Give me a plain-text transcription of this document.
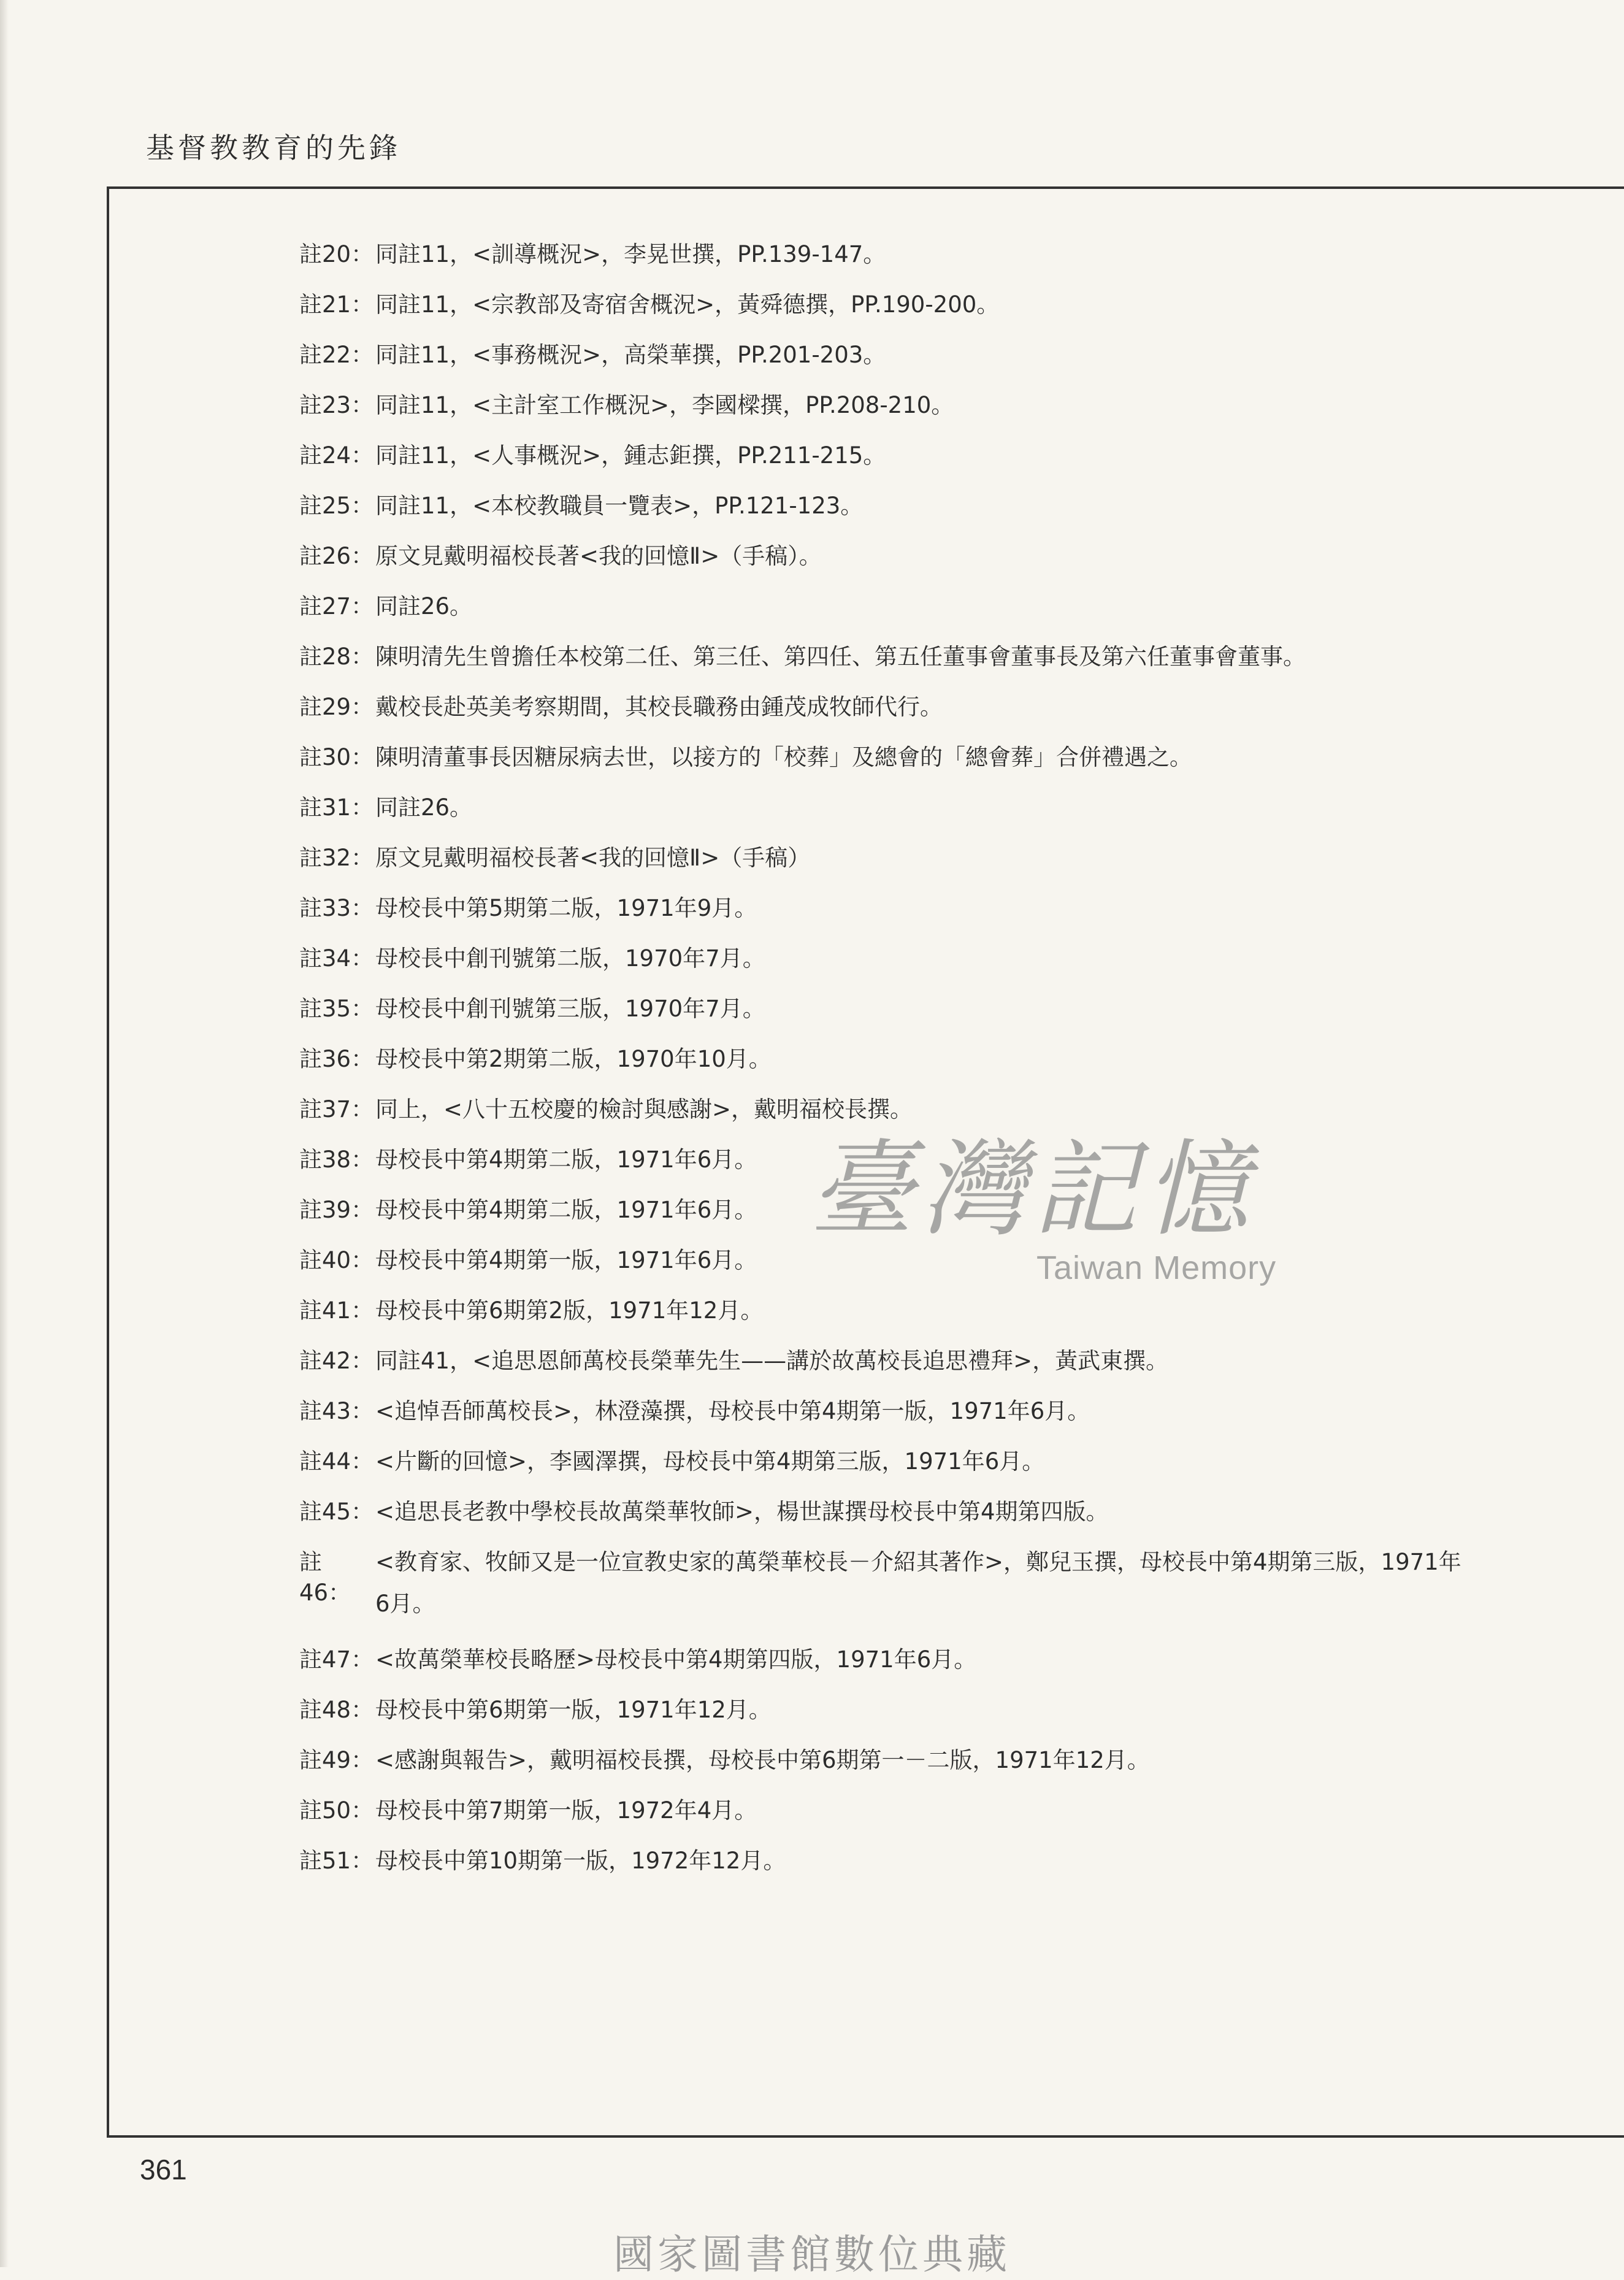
基督教教育的先鋒
註20： 同註11，<訓導概況>，李晃世撰，PP.139-147。
註21： 同註11，<宗教部及寄宿舍概況>，黃舜德撰，PP.190-200。
註22： 同註11，<事務概況>，高榮華撰，PP.201-203。
註23： 同註11，<主計室工作概況>，李國樑撰，PP.208-210。
註24： 同註11，<人事概況>，鍾志鉅撰，PP.211-215。
註25： 同註11，<本校教職員一覽表>，PP.121-123。
註26： 原文見戴明福校長著<我的回憶Ⅱ>（手稿）。
註27： 同註26。
註28： 陳明清先生曾擔任本校第二任、第三任、第四任、第五任董事會董事長及第六任董事會董事。
註29： 戴校長赴英美考察期間，其校長職務由鍾茂成牧師代行。
註30： 陳明清董事長因糖尿病去世，以接方的「校葬」及總會的「總會葬」合併禮遇之。
註31： 同註26。
註32： 原文見戴明福校長著<我的回憶Ⅱ>（手稿）
註33： 母校長中第5期第二版，1971年9月。
註34： 母校長中創刊號第二版，1970年7月。
註35： 母校長中創刊號第三版，1970年7月。
註36： 母校長中第2期第二版，1970年10月。
註37： 同上，<八十五校慶的檢討與感謝>，戴明福校長撰。
註38： 母校長中第4期第二版，1971年6月。
註39： 母校長中第4期第二版，1971年6月。
註40： 母校長中第4期第一版，1971年6月。
註41： 母校長中第6期第2版，1971年12月。
註42： 同註41，<追思恩師萬校長榮華先生——講於故萬校長追思禮拜>，黃武東撰。
註43： <追悼吾師萬校長>，林澄藻撰，母校長中第4期第一版，1971年6月。
註44： <片斷的回憶>，李國澤撰，母校長中第4期第三版，1971年6月。
註45： <追思長老教中學校長故萬榮華牧師>，楊世謀撰母校長中第4期第四版。
註46：
<教育家、牧師又是一位宣教史家的萬榮華校長－介紹其著作>，鄭兒玉撰，母校長中第4期第三版，1971年6月。
註47： <故萬榮華校長略歷>母校長中第4期第四版，1971年6月。
註48： 母校長中第6期第一版，1971年12月。
註49： <感謝與報告>，戴明福校長撰，母校長中第6期第一－二版，1971年12月。
註50： 母校長中第7期第一版，1972年4月。
註51： 母校長中第10期第一版，1972年12月。
臺灣記憶
Taiwan Memory
361
國家圖書館數位典藏
